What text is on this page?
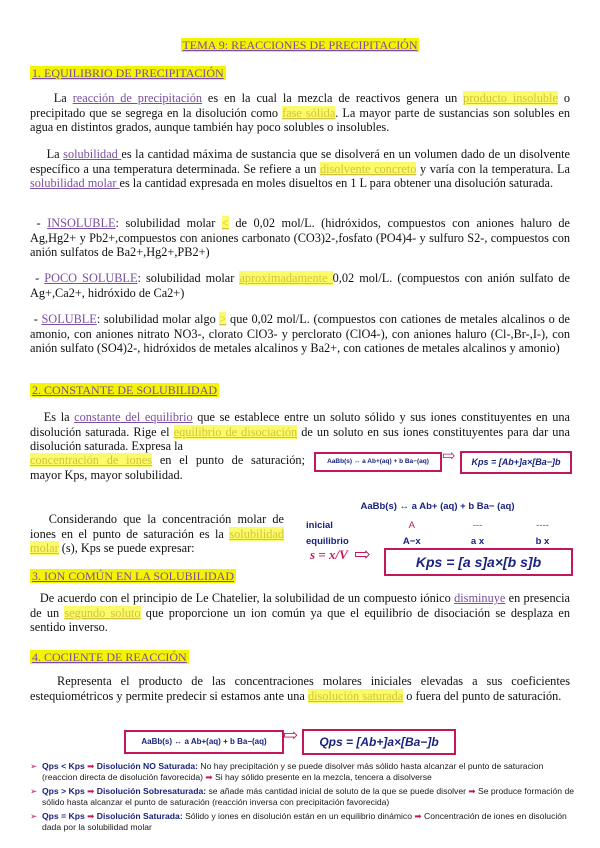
TEMA 9: REACCIONES DE PRECIPITACIÓN
1. EQUILIBRIO DE PRECIPITACIÓN

La reacción de precipitación es en la cual la mezcla de reactivos genera un producto insoluble o precipitado que se segrega en la disolución como fase sólida. La mayor parte de sustancias son solubles en agua en distintos grados, aunque también hay poco solubles o insolubles.

La solubilidad es la cantidad máxima de sustancia que se disolverá en un volumen dado de un disolvente específico a una temperatura determinada. Se refiere a un disolvente concreto y varía con la temperatura. La solubilidad molar es la cantidad expresada en moles disueltos en 1 L para obtener una disolución saturada.

- INSOLUBLE: solubilidad molar < de 0,02 mol/L. (hidróxidos, compuestos con aniones haluro de Ag,Hg2+ y Pb2+,compuestos con aniones carbonato (CO3)2-,fosfato (PO4)4- y sulfuro S2-, compuestos con anión sulfatos de Ba2+,Hg2+,PB2+)

- POCO SOLUBLE: solubilidad molar aproximadamente 0,02 mol/L. (compuestos con anión sulfato de Ag+,Ca2+, hidróxido de Ca2+)

- SOLUBLE: solubilidad molar algo > que 0,02 mol/L. (compuestos con cationes de metales alcalinos o de amonio, con aniones nitrato NO3-, clorato ClO3- y perclorato (ClO4-), con aniones haluro (Cl-,Br-,I-), con anión sulfato (SO4)2-, hidróxidos de metales alcalinos y Ba2+, con cationes de metales alcalinos y amonio)

2. CONSTANTE DE SOLUBILIDAD

Es la constante del equilibrio que se establece entre un soluto sólido y sus iones constituyentes en una disolución saturada. Rige el equilibrio de disociación de un soluto en sus iones constituyentes para dar una disolución saturada. Expresa la

concentración de iones en el punto de saturación; mayor Kps, mayor solubilidad.

AaBb(s) ↔ a Ab+(aq) + b Ba−(aq) ⇨ Kps = [Ab+]a×[Ba−]b

Considerando que la concentración molar de iones en el punto de saturación es la solubilidad molar (s), Kps se puede expresar:

AaBb(s) ↔ a Ab+ (aq) + b Ba− (aq)
inicial	A	---	----
equilibrio	A−x	a x	b x
s = x/V ⇨	Kps = [a s]a×[b s]b
3. ION COMÚN EN LA SOLUBILIDAD

De acuerdo con el principio de Le Chatelier, la solubilidad de un compuesto iónico disminuye en presencia de un segundo soluto que proporcione un ion común ya que el equilibrio de disociación se desplaza en sentido inverso.

4. COCIENTE DE REACCIÓN

Representa el producto de las concentraciones molares iniciales elevadas a sus coeficientes estequiométricos y permite predecir si estamos ante una disolución saturada o fuera del punto de saturación.

AaBb(s) ↔ a Ab+(aq) + b Ba−(aq) ⇨ Qps = [Ab+]a×[Ba−]b
➢ Qps < Kps ➡ Disolución NO Saturada: No hay precipitación y se puede disolver más sólido hasta alcanzar el punto de saturacion (reaccion directa de disolución favorecida) ➡ Si hay sólido presente en la mezcla, tencera a disolverse
➢ Qps > Kps ➡ Disolución Sobresaturada: se añade más cantidad inicial de soluto de la que se puede disolver ➡ Se produce formación de sólido hasta alcanzar el punto de saturación (reacción inversa con precipitación favorecida)
➢ Qps = Kps ➡ Disolución Saturada: Sólido y iones en disolución están en un equilibrio dinámico ➡ Concentración de iones en disolución dada por la solubilidad molar
